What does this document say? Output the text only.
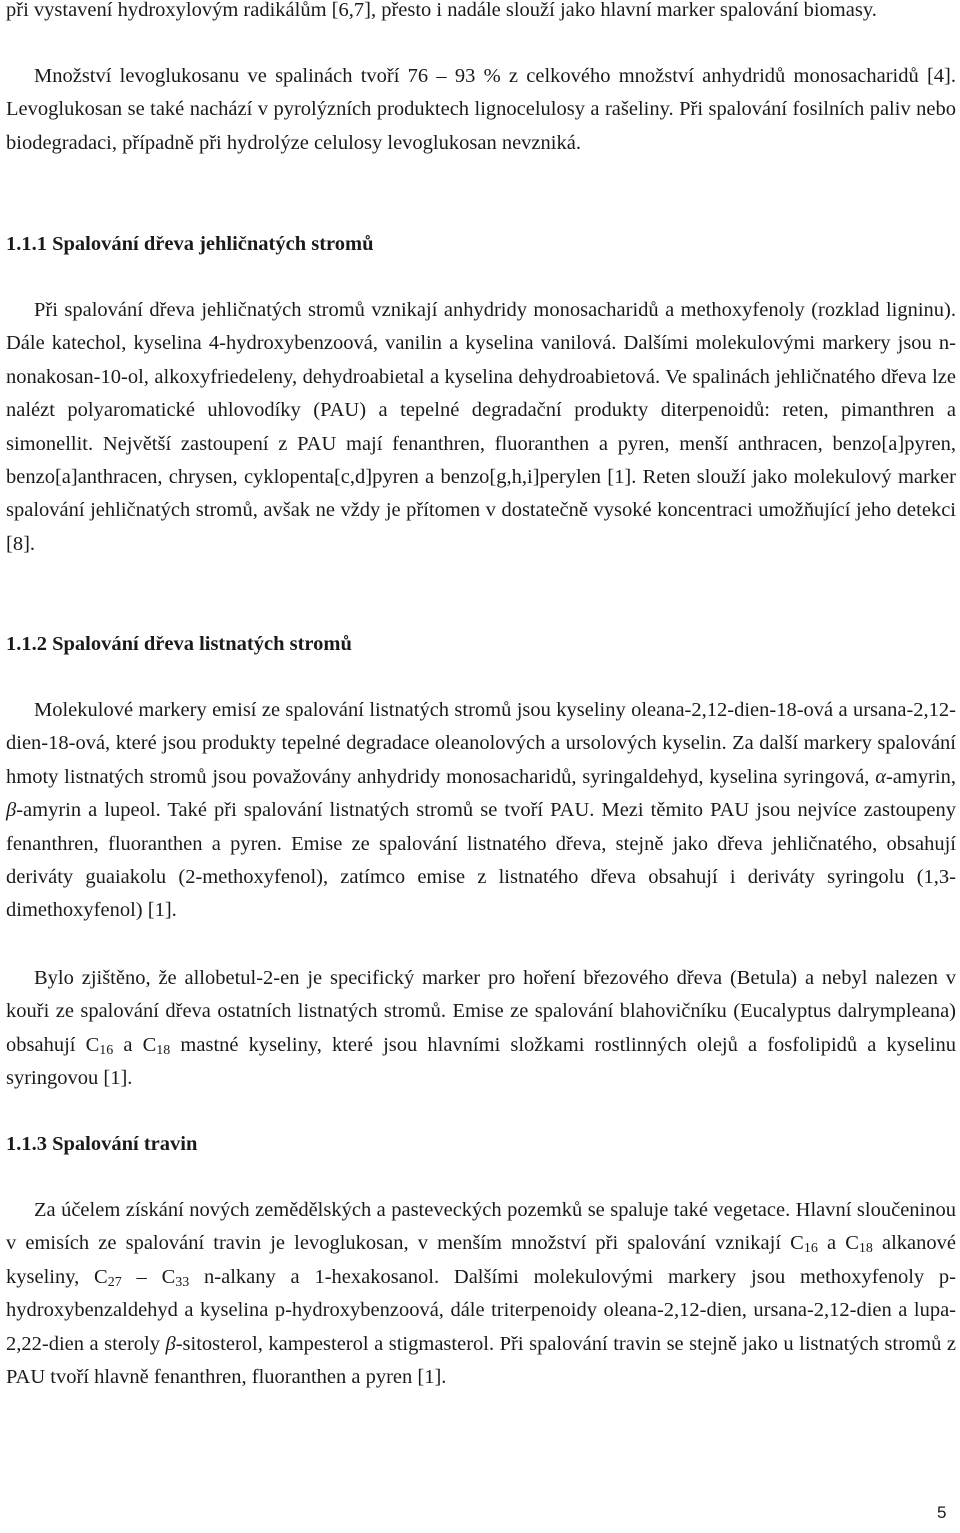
při vystavení hydroxylovým radikálům [6,7], přesto i nadále slouží jako hlavní marker spalování biomasy.

Množství levoglukosanu ve spalinách tvoří 76 – 93 % z celkového množství anhydridů monosacharidů [4]. Levoglukosan se také nachází v pyrolýzních produktech lignocelulosy a rašeliny. Při spalování fosilních paliv nebo biodegradaci, případně při hydrolýze celulosy levoglukosan nevzniká.

1.1.1 Spalování dřeva jehličnatých stromů

Při spalování dřeva jehličnatých stromů vznikají anhydridy monosacharidů a methoxyfenoly (rozklad ligninu). Dále katechol, kyselina 4-hydroxybenzoová, vanilin a kyselina vanilová. Dalšími molekulovými markery jsou n-nonakosan-10-ol, alkoxyfriedeleny, dehydroabietal a kyselina dehydroabietová. Ve spalinách jehličnatého dřeva lze nalézt polyaromatické uhlovodíky (PAU) a tepelné degradační produkty diterpenoidů: reten, pimanthren a simonellit. Největší zastoupení z PAU mají fenanthren, fluoranthen a pyren, menší anthracen, benzo[a]pyren, benzo[a]anthracen, chrysen, cyklopenta[c,d]pyren a benzo[g,h,i]perylen [1]. Reten slouží jako molekulový marker spalování jehličnatých stromů, avšak ne vždy je přítomen v dostatečně vysoké koncentraci umožňující jeho detekci [8].

1.1.2 Spalování dřeva listnatých stromů

Molekulové markery emisí ze spalování listnatých stromů jsou kyseliny oleana-2,12-dien-18-ová a ursana-2,12-dien-18-ová, které jsou produkty tepelné degradace oleanolových a ursolových kyselin. Za další markery spalování hmoty listnatých stromů jsou považovány anhydridy monosacharidů, syringaldehyd, kyselina syringová, α-amyrin, β-amyrin a lupeol. Také při spalování listnatých stromů se tvoří PAU. Mezi těmito PAU jsou nejvíce zastoupeny fenanthren, fluoranthen a pyren. Emise ze spalování listnatého dřeva, stejně jako dřeva jehličnatého, obsahují deriváty guaiakolu (2-methoxyfenol), zatímco emise z listnatého dřeva obsahují i deriváty syringolu (1,3-dimethoxyfenol) [1].

Bylo zjištěno, že allobetul-2-en je specifický marker pro hoření březového dřeva (Betula) a nebyl nalezen v kouři ze spalování dřeva ostatních listnatých stromů. Emise ze spalování blahovičníku (Eucalyptus dalrympleana) obsahují $C_{16}$ a $C_{18}$ mastné kyseliny, které jsou hlavními složkami rostlinných olejů a fosfolipidů a kyselinu syringovou [1].

1.1.3 Spalování travin

Za účelem získání nových zemědělských a pasteveckých pozemků se spaluje také vegetace. Hlavní sloučeninou v emisích ze spalování travin je levoglukosan, v menším množství při spalování vznikají $C_{16}$ a $C_{18}$ alkanové kyseliny, $C_{27} - C_{33}$ n-alkany a 1-hexakosanol. Dalšími molekulovými markery jsou methoxyfenoly p-hydroxybenzaldehyd a kyselina p-hydroxybenzoová, dále triterpenoidy oleana-2,12-dien, ursana-2,12-dien a lupa-2,22-dien a steroly β-sitosterol, kampesterol a stigmasterol. Při spalování travin se stejně jako u listnatých stromů z PAU tvoří hlavně fenanthren, fluoranthen a pyren [1].

5
